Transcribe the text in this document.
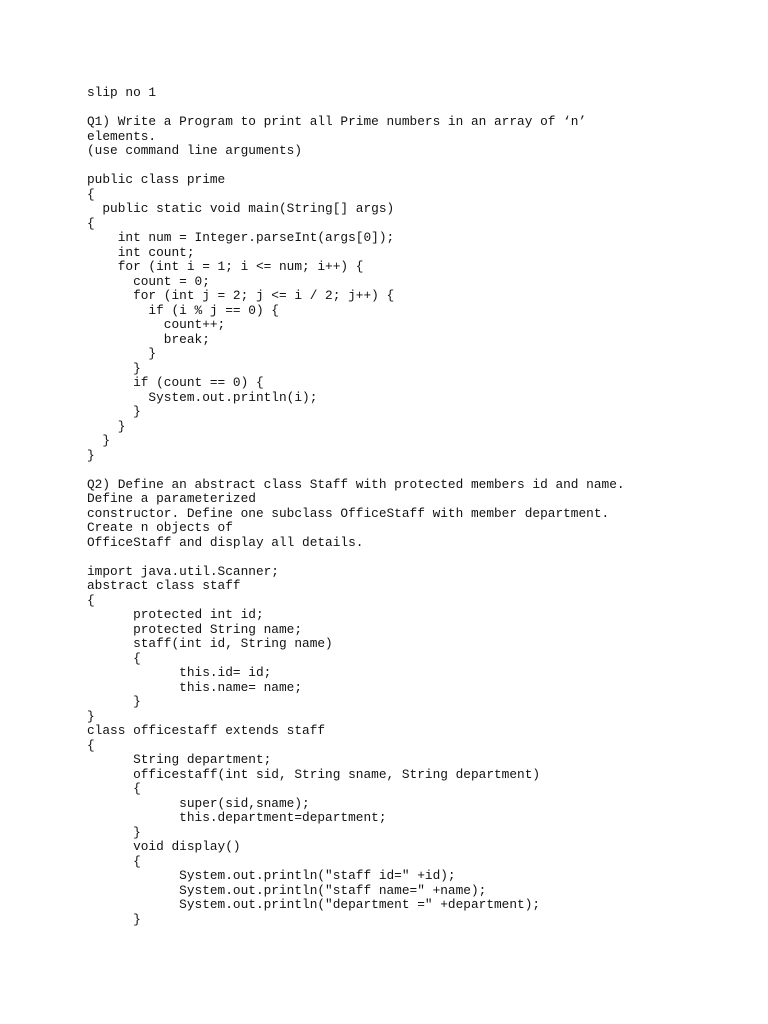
slip no 1
Q1) Write a Program to print all Prime numbers in an array of ‘n’
elements.
(use command line arguments)
public class prime
{
public static void main(String[] args)
{
int num = Integer.parseInt(args[0]);
int count;
for (int i = 1; i <= num; i++) {
count = 0;
for (int j = 2; j <= i / 2; j++) {
if (i % j == 0) {
count++;
break;
}
}
if (count == 0) {
System.out.println(i);
}
}
}
}
Q2) Define an abstract class Staff with protected members id and name.
Define a parameterized
constructor. Define one subclass OfficeStaff with member department.
Create n objects of
OfficeStaff and display all details.
import java.util.Scanner;
abstract class staff
{
protected int id;
protected String name;
staff(int id, String name)
{
this.id= id;
this.name= name;
}
}
class officestaff extends staff
{
String department;
officestaff(int sid, String sname, String department)
{
super(sid,sname);
this.department=department;
}
void display()
{
System.out.println("staff id=" +id);
System.out.println("staff name=" +name);
System.out.println("department =" +department);
}
